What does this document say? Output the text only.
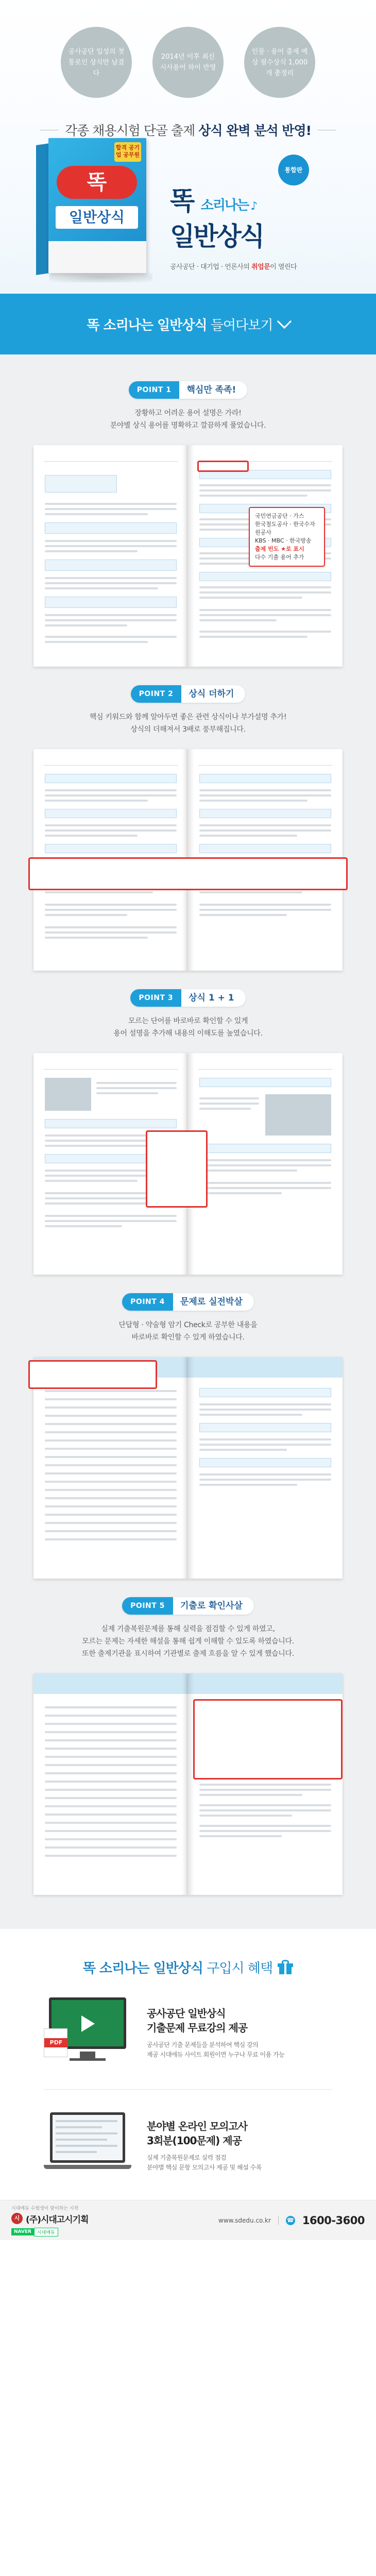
공사공단 입성의 첫 통로인 상식만 남겼다
2014년 이후 최신 시사용어 하이 반영
인물 · 용어 출제 예상 필수상식 1,000개 총정리
각종 채용시험 단골 출제 상식 완벽 분석 반영!
합격 공기업 공무원
똑
일반상식
통합판
똑 소리나는 ♪
일반상식
공사공단 · 대기업 · 언론사의 취업문이 열린다
똑 소리나는 일반상식 들여다보기
POINT 1	핵심만 족족!
장황하고 어려운 용어 설명은 가라!
분야별 상식 용어를 명확하고 깔끔하게 풀었습니다.
국민연금공단 · 가스
한국철도공사 · 한국수자원공사
KBS · MBC · 한국방송
출제 빈도 ★로 표시
다수 기출 용어 추가
POINT 2	상식 더하기
핵심 키워드와 함께 알아두면 좋은 관련 상식이나 부가설명 추가!
상식의 더해져서 3배로 풍부해집니다.
POINT 3	상식 1 + 1
모르는 단어를 바로바로 확인할 수 있게
용어 설명을 추가해 내용의 이해도를 높였습니다.
POINT 4	문제로 실전박살
단답형 · 약술형 암기 Check로 공부한 내용을
바로바로 확인할 수 있게 하였습니다.
POINT 5	기출로 확인사살
실제 기출복원문제를 통해 실력을 점검할 수 있게 하였고,
모르는 문제는 자세한 해설을 통해 쉽게 이해할 수 있도록 하였습니다.
또한 출제기관을 표시하여 기관별로 출제 흐름을 알 수 있게 했습니다.
똑 소리나는 일반상식 구입시 혜택
PDF
공사공단 일반상식
기출문제 무료강의 제공
공사공단 기출 문제들을 분석하여 핵심 강의
제공 시대에듀 사이트 회원이면 누구나 무료 이용 가능
분야별 온라인 모의고사
3회분(100문제) 제공
실제 기출복원문제로 실력 점검
분야별 핵심 문항 모의고사 제공 및 해설 수록
시대에듀 수험생이 맞이하는 시작
시 (주)시대고시기획
NAVER	시대에듀
www.sdedu.co.kr	☎ 1600-3600
